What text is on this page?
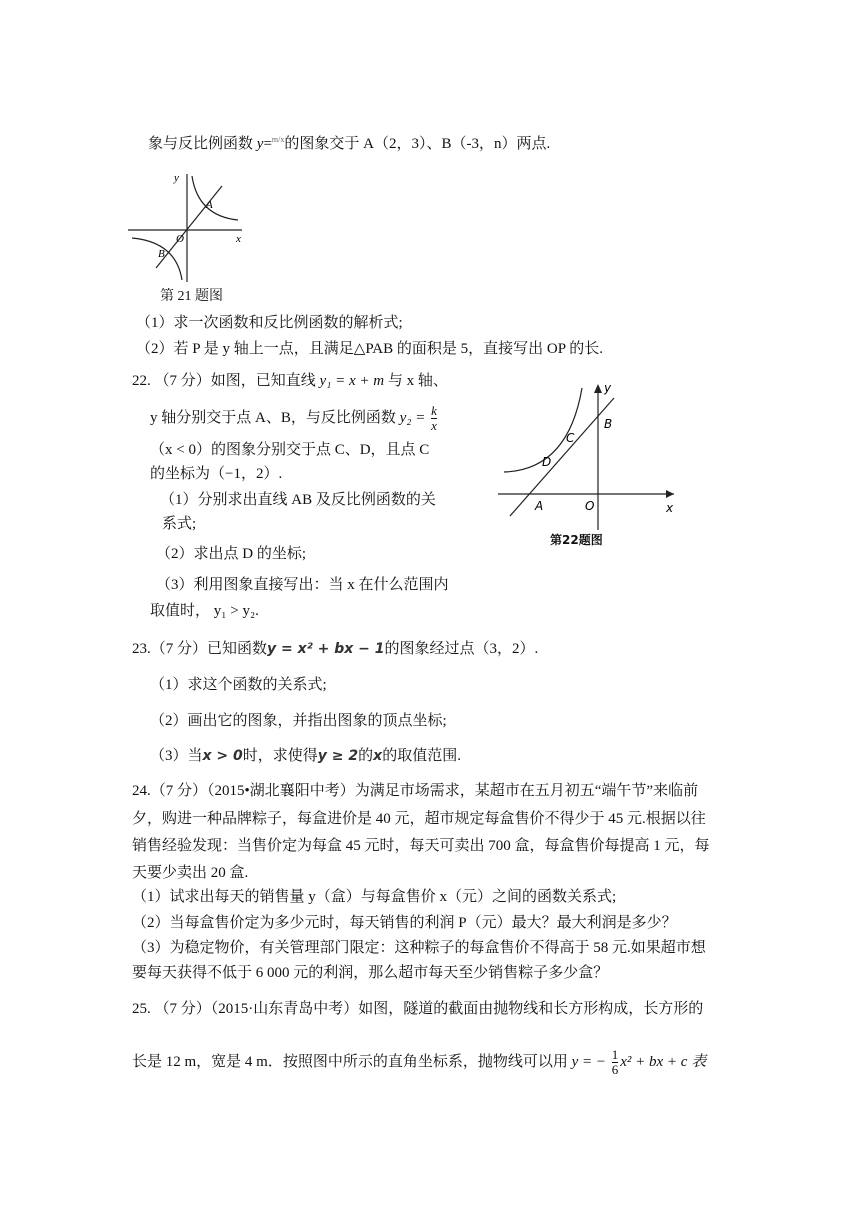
象与反比例函数 y=$^{m/x}$的图象交于 A（2，3）、B（-3，n）两点.
y
x
O
A
B
第 21 题图
（1）求一次函数和反比例函数的解析式;
（2）若 P 是 y 轴上一点，且满足△PAB 的面积是 5，直接写出 OP 的长.
22. （7 分）如图，已知直线 y₁ = x + m 与 x 轴、
y 轴分别交于点 A、B，与反比例函数 $y_2 = \frac{k}{x}$
（x < 0）的图象分别交于点 C、D，且点 C
的坐标为（−1，2）.
（1）分别求出直线 AB 及反比例函数的关
系式;
（2）求出点 D 的坐标;
（3）利用图象直接写出：当 x 在什么范围内
取值时， y₁ > y₂.
y
x
O
A
B
C
D
第22题图
23.（7 分）已知函数y = x² + bx − 1的图象经过点（3，2）.
（1）求这个函数的关系式;
（2）画出它的图象，并指出图象的顶点坐标;
（3）当x > 0时，求使得y ≥ 2的x的取值范围.
24.（7 分）（2015•湖北襄阳中考）为满足市场需求，某超市在五月初五“端午节”来临前
夕，购进一种品牌粽子，每盒进价是 40 元，超市规定每盒售价不得少于 45 元.根据以往
销售经验发现：当售价定为每盒 45 元时，每天可卖出 700 盒，每盒售价每提高 1 元，每
天要少卖出 20 盒.
（1）试求出每天的销售量 y（盒）与每盒售价 x（元）之间的函数关系式;
（2）当每盒售价定为多少元时，每天销售的利润 P（元）最大？最大利润是多少？
（3）为稳定物价，有关管理部门限定：这种粽子的每盒售价不得高于 58 元.如果超市想
要每天获得不低于 6 000 元的利润，那么超市每天至少销售粽子多少盒？
25. （7 分）（2015·山东青岛中考）如图，隧道的截面由抛物线和长方形构成，长方形的
长是 12 m，宽是 4 m．按照图中所示的直角坐标系，抛物线可以用 y = − $\frac{1}{6} x^2$ + bx + c 表
